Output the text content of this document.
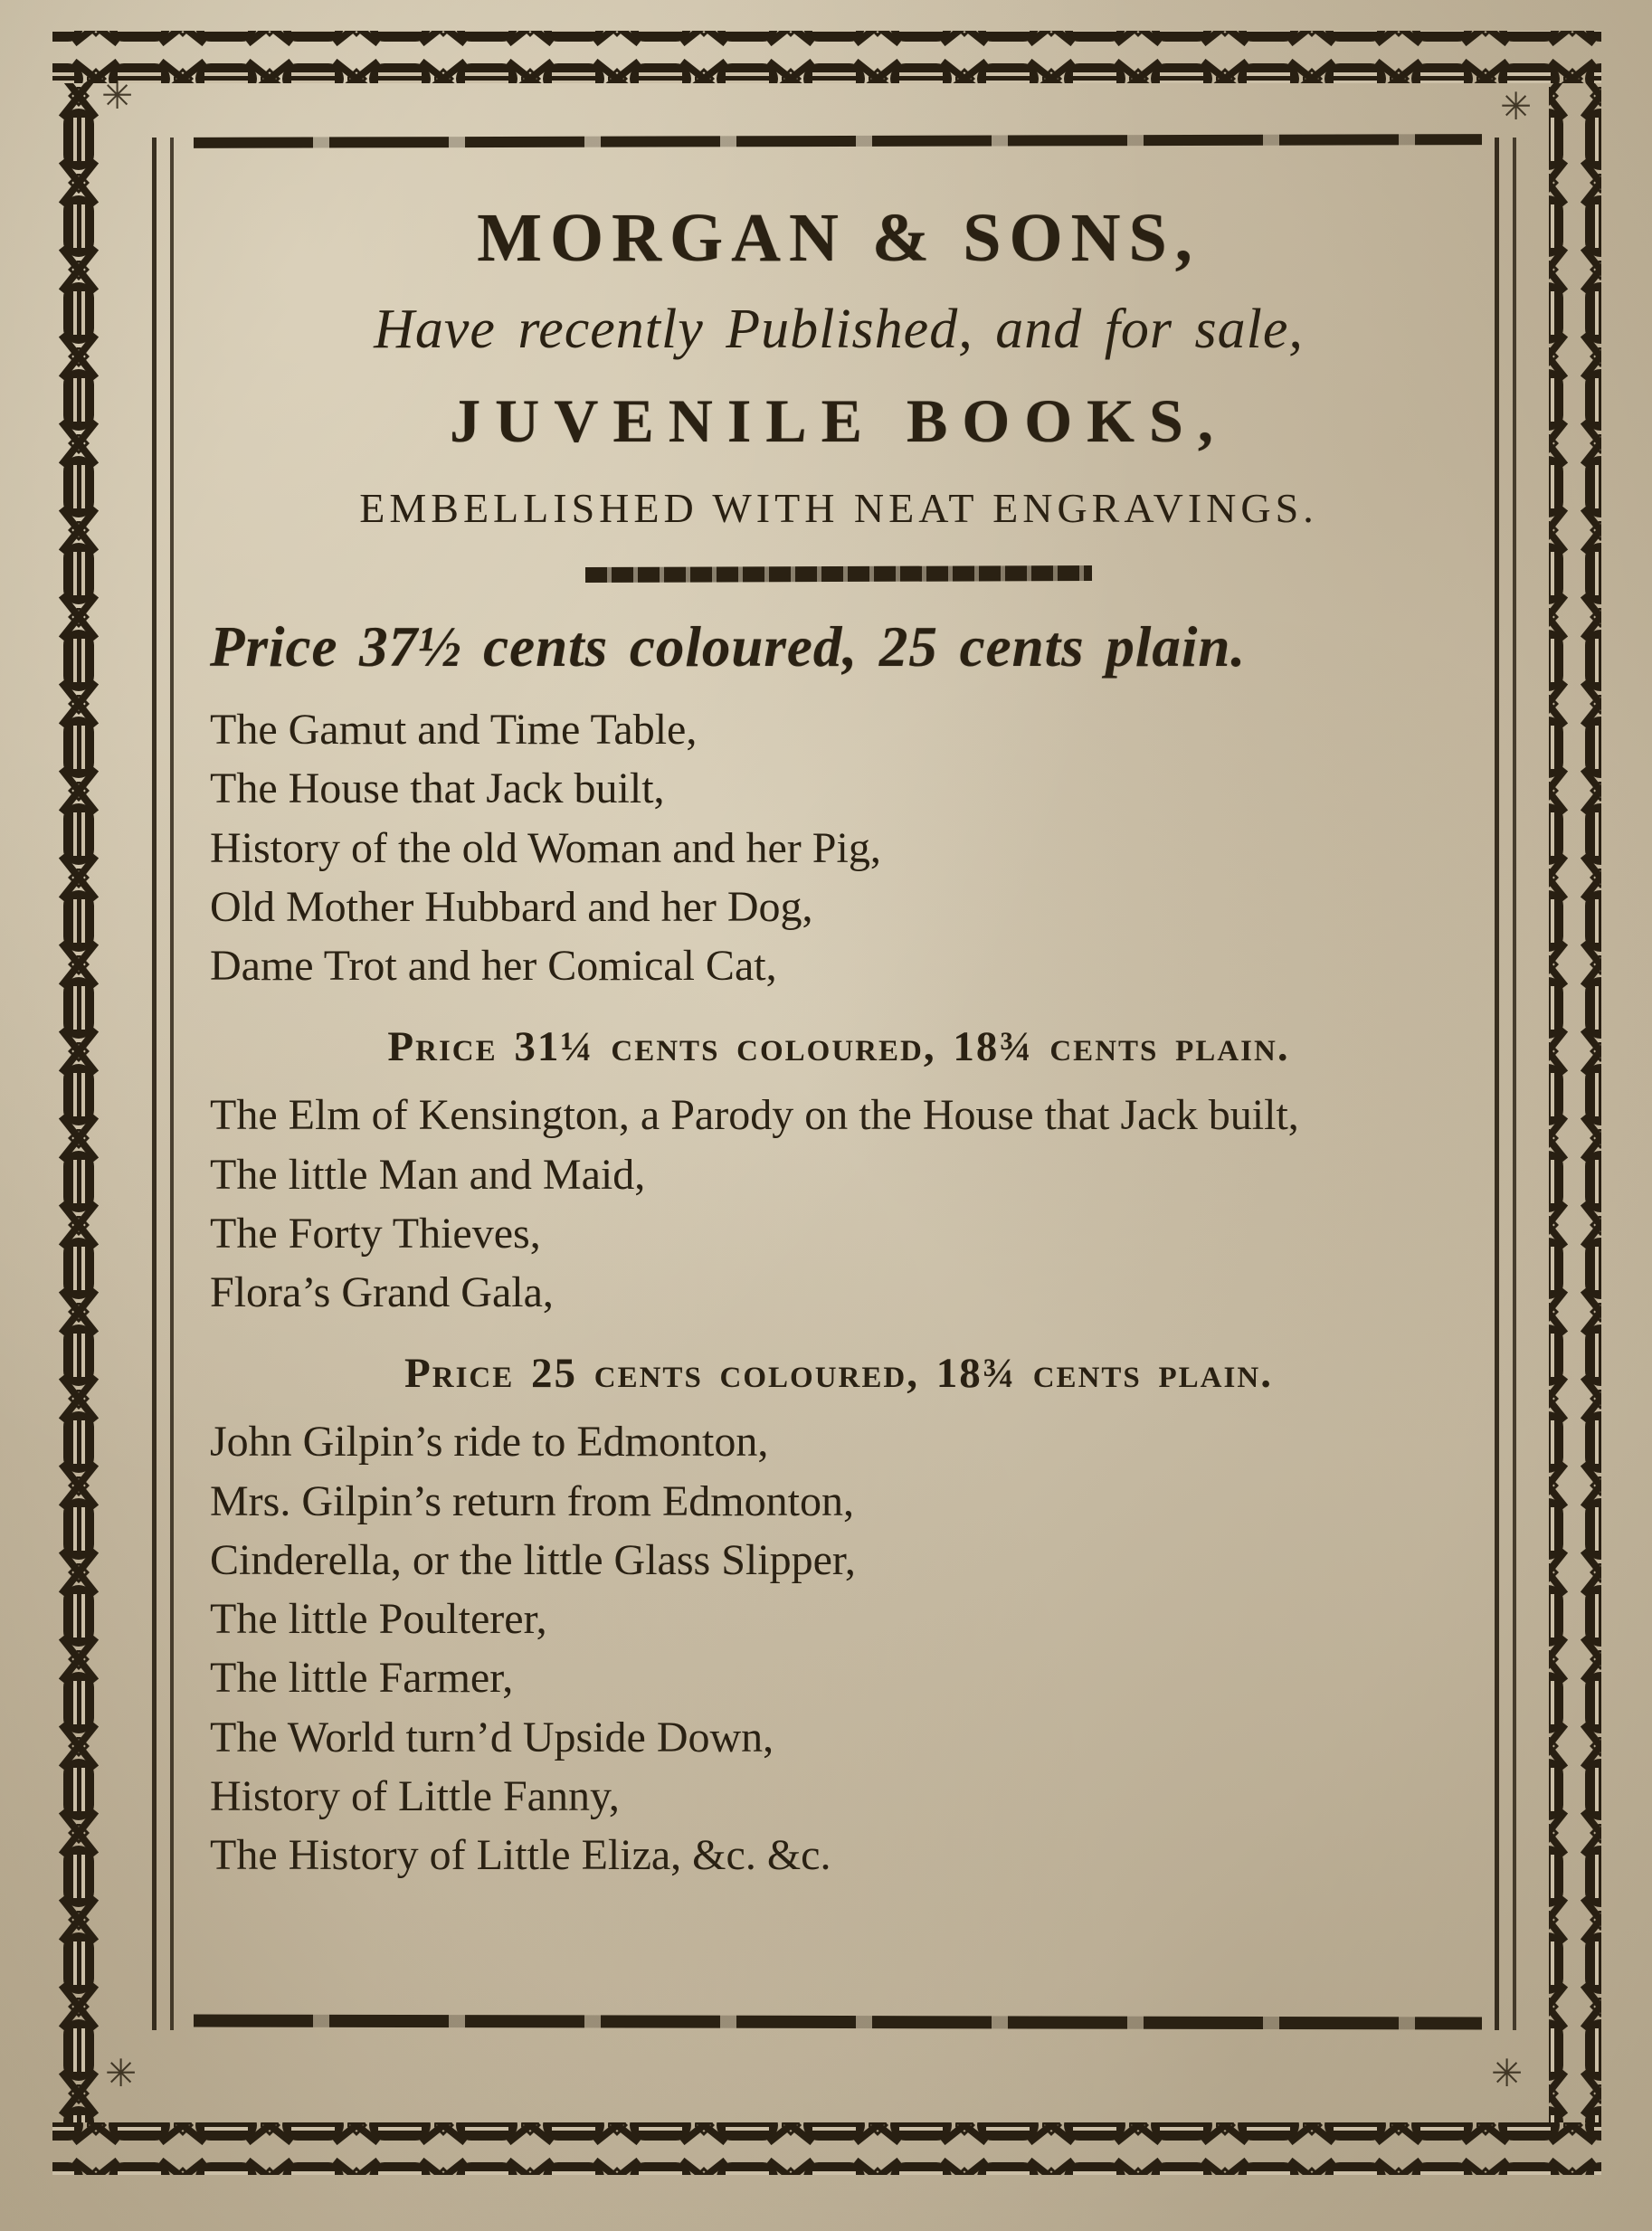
✳	✳
✳	✳
MORGAN & SONS,
Have recently Published, and for sale,
JUVENILE BOOKS,
EMBELLISHED WITH NEAT ENGRAVINGS.
Price 37½ cents coloured, 25 cents plain.
The Gamut and Time Table,
The House that Jack built,
History of the old Woman and her Pig,
Old Mother Hubbard and her Dog,
Dame Trot and her Comical Cat,
Price 31¼ cents coloured, 18¾ cents plain.
The Elm of Kensington, a Parody on the House that Jack built,
The little Man and Maid,
The Forty Thieves,
Flora’s Grand Gala,
Price 25 cents coloured, 18¾ cents plain.
John Gilpin’s ride to Edmonton,
Mrs. Gilpin’s return from Edmonton,
Cinderella, or the little Glass Slipper,
The little Poulterer,
The little Farmer,
The World turn’d Upside Down,
History of Little Fanny,
The History of Little Eliza, &c. &c.
